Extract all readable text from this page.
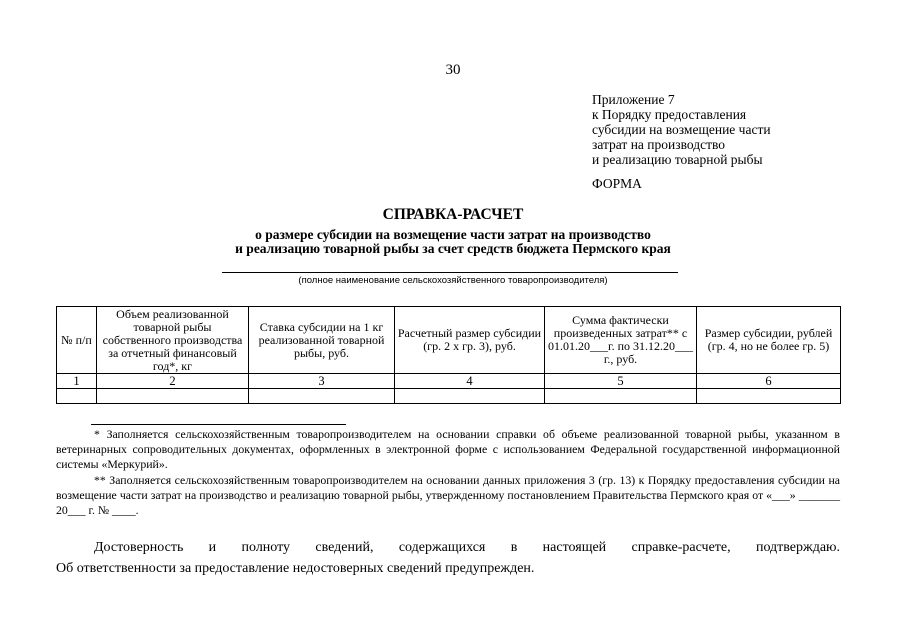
30
Приложение 7
к Порядку предоставления
субсидии на возмещение части
затрат на производство
и реализацию товарной рыбы
ФОРМА
СПРАВКА-РАСЧЕТ
о размере субсидии на возмещение части затрат на производство
и реализацию товарной рыбы за счет средств бюджета Пермского края
(полное наименование сельскохозяйственного товаропроизводителя)
№ п/п	Объем реализованной товарной рыбы собственного производства за отчетный финансовый год*, кг	Ставка субсидии на 1 кг реализованной товарной рыбы, руб.	Расчетный размер субсидии (гр. 2 х гр. 3), руб.	Сумма фактически произведенных затрат** с 01.01.20___г. по 31.12.20___ г., руб.	Размер субсидии, рублей (гр. 4, но не более гр. 5)
1	2	3	4	5	6

* Заполняется сельскохозяйственным товаропроизводителем на основании справки об объеме реализованной товарной рыбы, указанном в ветеринарных сопроводительных документах, оформленных в электронной форме с использованием Федеральной государственной информационной системы «Меркурий».
** Заполняется сельскохозяйственным товаропроизводителем на основании данных приложения 3 (гр. 13) к Порядку предоставления субсидии на возмещение части затрат на производство и реализацию товарной рыбы, утвержденному постановлением Правительства Пермского края от «___» _______ 20___ г. № ____.
Достоверность и полноту сведений, содержащихся в настоящей справке-расчете, подтверждаю.
Об ответственности за предоставление недостоверных сведений предупрежден.
